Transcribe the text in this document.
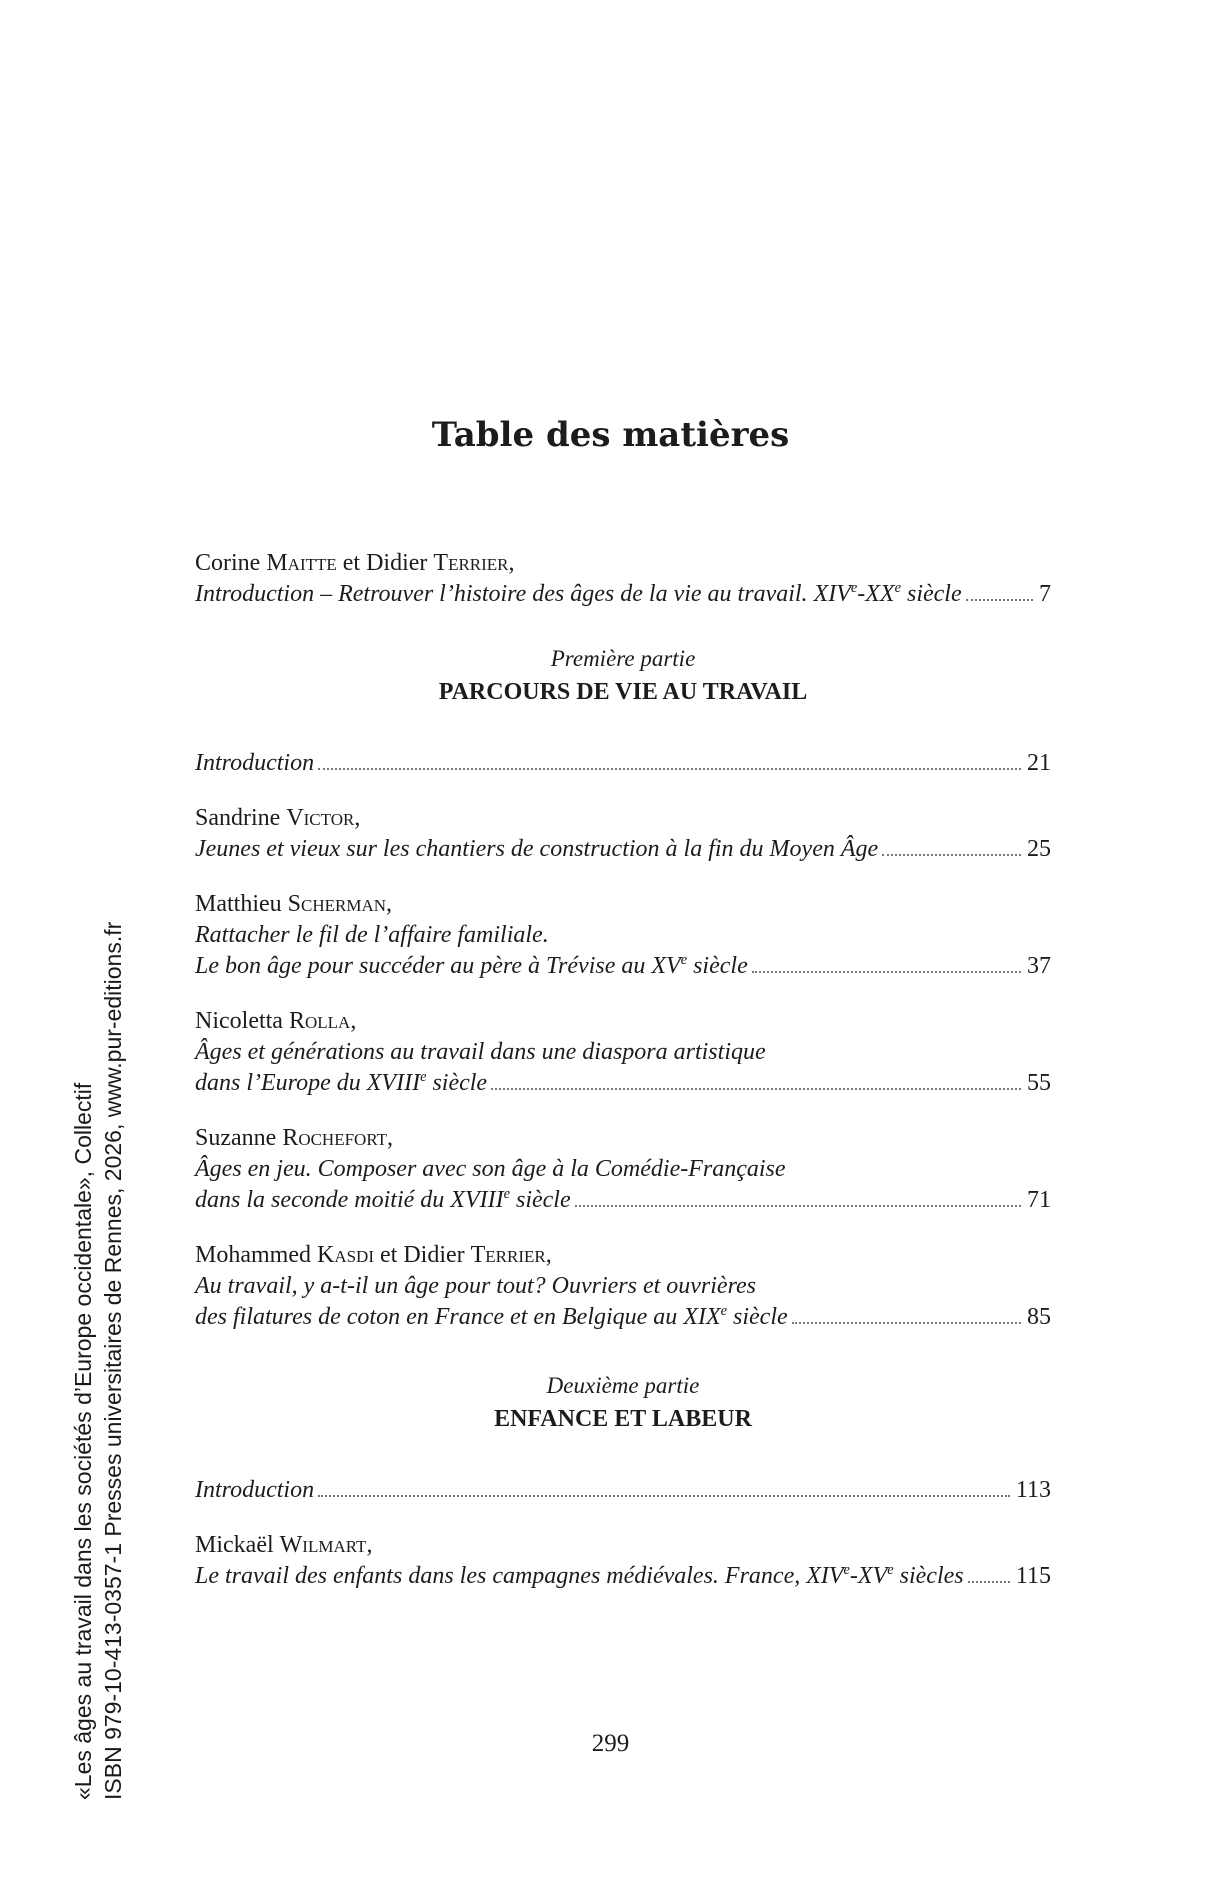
Table des matières
Corine Maitte et Didier Terrier,
Introduction – Retrouver l’histoire des âges de la vie au travail. XIVe-XXe siècle	7
Première partie
PARCOURS DE VIE AU TRAVAIL
Introduction	21
Sandrine Victor,
Jeunes et vieux sur les chantiers de construction à la fin du Moyen Âge	25
Matthieu Scherman,
Rattacher le fil de l’affaire familiale.
Le bon âge pour succéder au père à Trévise au XVe siècle	37
Nicoletta Rolla,
Âges et générations au travail dans une diaspora artistique
dans l’Europe du XVIIIe siècle	55
Suzanne Rochefort,
Âges en jeu. Composer avec son âge à la Comédie-Française
dans la seconde moitié du XVIIIe siècle	71
Mohammed Kasdi et Didier Terrier,
Au travail, y a-t-il un âge pour tout? Ouvriers et ouvrières
des filatures de coton en France et en Belgique au XIXe siècle	85
Deuxième partie
ENFANCE ET LABEUR
Introduction	113
Mickaël Wilmart,
Le travail des enfants dans les campagnes médiévales. France, XIVe-XVe siècles 115
299
«Les âges au travail dans les sociétés d’Europe occidentale», Collectif ISBN 979-10-413-0357-1 Presses universitaires de Rennes, 2026, www.pur-editions.fr
